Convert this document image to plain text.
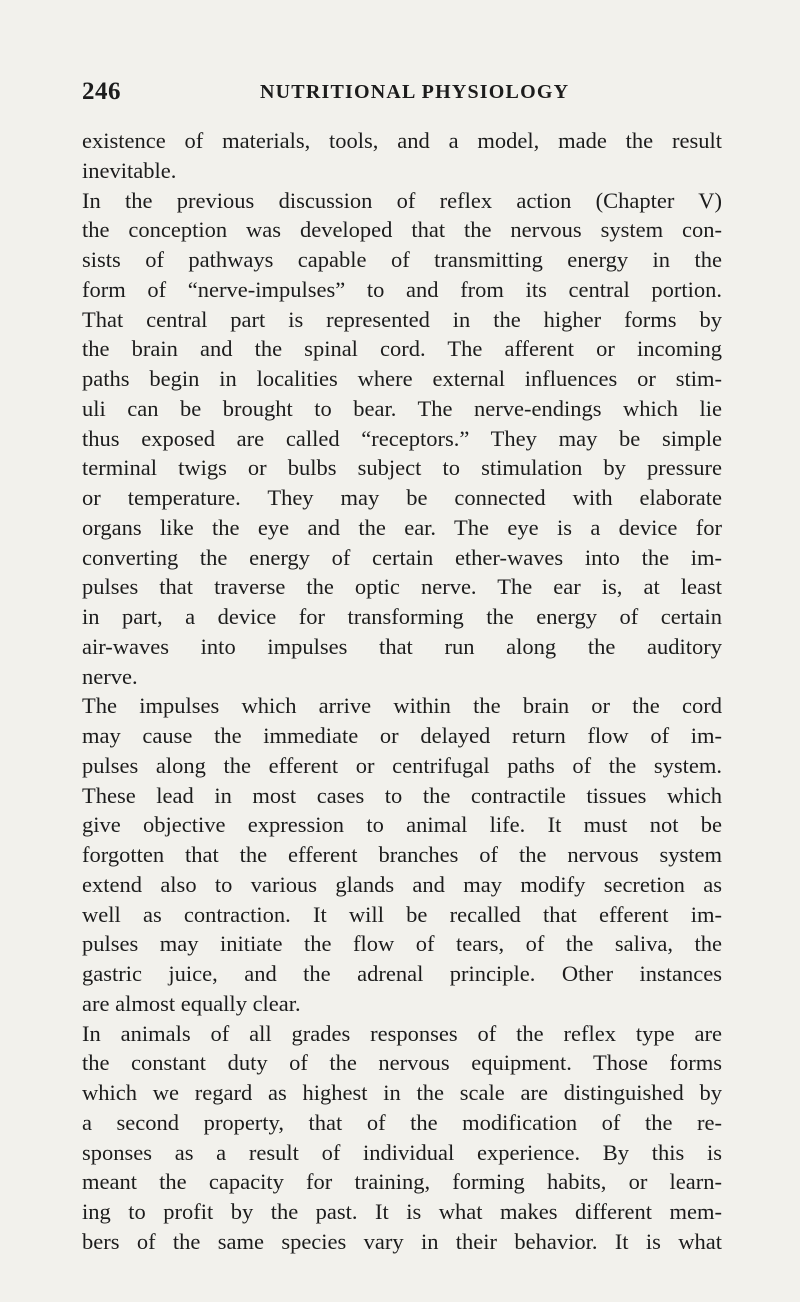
246	NUTRITIONAL PHYSIOLOGY
existence of materials, tools, and a model, made the result
inevitable.
In the previous discussion of reflex action (Chapter V)
the conception was developed that the nervous system con-
sists of pathways capable of transmitting energy in the
form of “nerve-impulses” to and from its central portion.
That central part is represented in the higher forms by
the brain and the spinal cord. The afferent or incoming
paths begin in localities where external influences or stim-
uli can be brought to bear. The nerve-endings which lie
thus exposed are called “receptors.” They may be simple
terminal twigs or bulbs subject to stimulation by pressure
or temperature. They may be connected with elaborate
organs like the eye and the ear. The eye is a device for
converting the energy of certain ether-waves into the im-
pulses that traverse the optic nerve. The ear is, at least
in part, a device for transforming the energy of certain
air-waves into impulses that run along the auditory
nerve.
The impulses which arrive within the brain or the cord
may cause the immediate or delayed return flow of im-
pulses along the efferent or centrifugal paths of the system.
These lead in most cases to the contractile tissues which
give objective expression to animal life. It must not be
forgotten that the efferent branches of the nervous system
extend also to various glands and may modify secretion as
well as contraction. It will be recalled that efferent im-
pulses may initiate the flow of tears, of the saliva, the
gastric juice, and the adrenal principle. Other instances
are almost equally clear.
In animals of all grades responses of the reflex type are
the constant duty of the nervous equipment. Those forms
which we regard as highest in the scale are distinguished by
a second property, that of the modification of the re-
sponses as a result of individual experience. By this is
meant the capacity for training, forming habits, or learn-
ing to profit by the past. It is what makes different mem-
bers of the same species vary in their behavior. It is what
